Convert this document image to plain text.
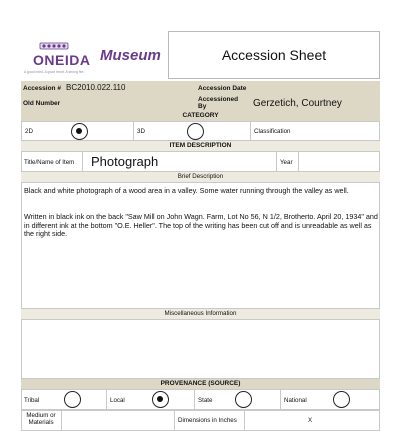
ONEIDA
A good mind. A good heart. A strong fire.
Museum	Accession Sheet
Accession # BC2010.022.110	Accession Date
Old Number
Accessioned By	Gerzetich, Courtney
CATEGORY
2D	3D	Classification
ITEM DESCRIPTION
Title/Name of Item Photograph	Year
Brief Description
Black and white photograph of a wood area in a valley. Some water running through the valley as well.
Written in black ink on the back "Saw Mill on John Wagn. Farm, Lot No 56, N 1/2, Brotherto. April 20, 1934" and in different ink at the bottom "O.E. Heller". The top of the writing has been cut off and is unreadable as well as the right side.
Miscellaneous Information
PROVENANCE (SOURCE)
Tribal	Local	State	National
Medium or Materials	Dimensions in Inches	X
